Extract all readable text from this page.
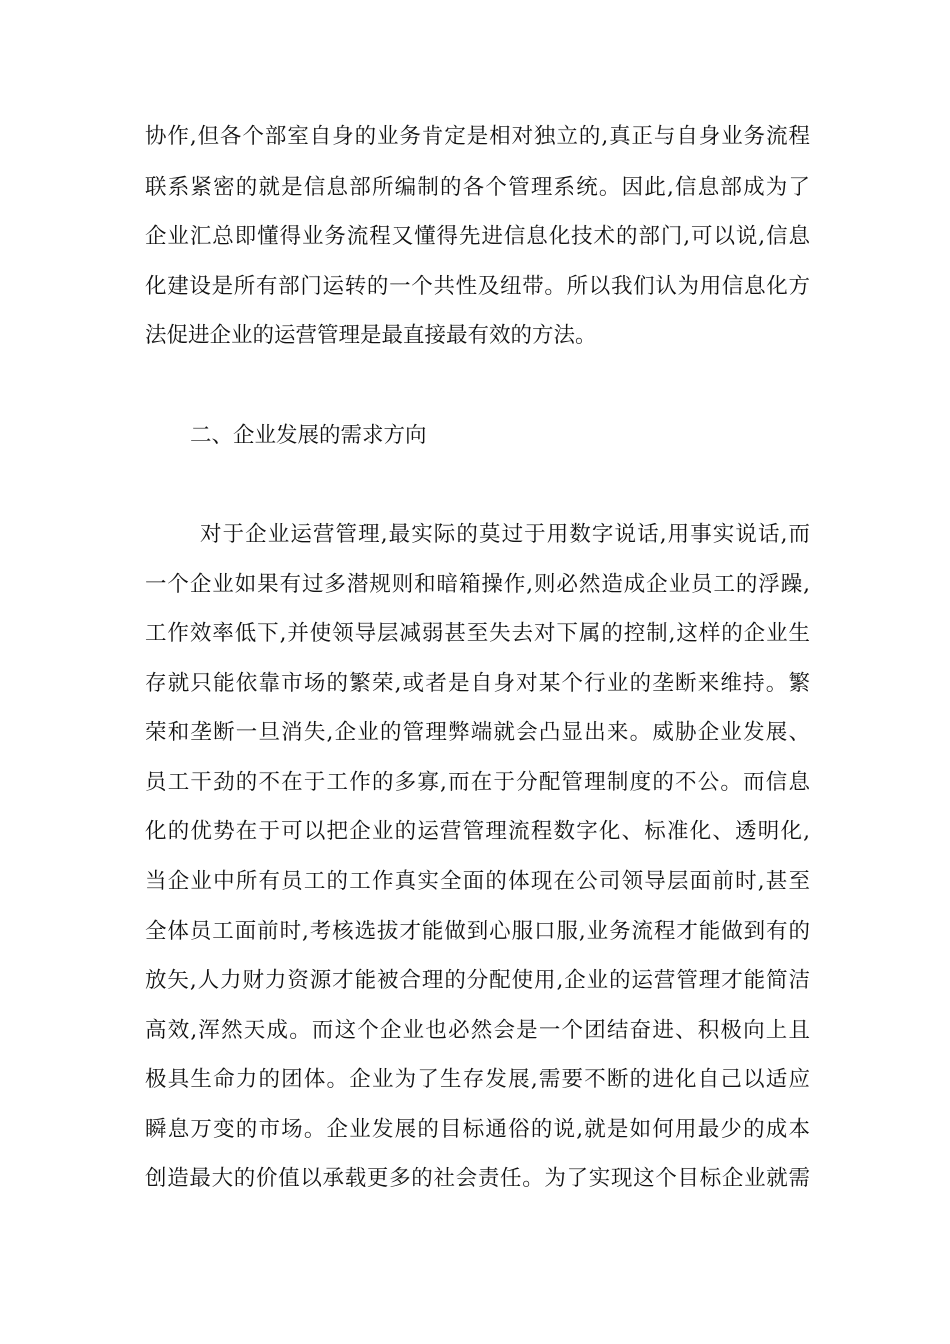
协作,但各个部室自身的业务肯定是相对独立的,真正与自身业务流程
联系紧密的就是信息部所编制的各个管理系统。因此,信息部成为了
企业汇总即懂得业务流程又懂得先进信息化技术的部门,可以说,信息
化建设是所有部门运转的一个共性及纽带。所以我们认为用信息化方
法促进企业的运营管理是最直接最有效的方法。
二、企业发展的需求方向
对于企业运营管理,最实际的莫过于用数字说话,用事实说话,而
一个企业如果有过多潜规则和暗箱操作,则必然造成企业员工的浮躁,
工作效率低下,并使领导层减弱甚至失去对下属的控制,这样的企业生
存就只能依靠市场的繁荣,或者是自身对某个行业的垄断来维持。繁
荣和垄断一旦消失,企业的管理弊端就会凸显出来。威胁企业发展、
员工干劲的不在于工作的多寡,而在于分配管理制度的不公。而信息
化的优势在于可以把企业的运营管理流程数字化、标准化、透明化,
当企业中所有员工的工作真实全面的体现在公司领导层面前时,甚至
全体员工面前时,考核选拔才能做到心服口服,业务流程才能做到有的
放矢,人力财力资源才能被合理的分配使用,企业的运营管理才能简洁
高效,浑然天成。而这个企业也必然会是一个团结奋进、积极向上且
极具生命力的团体。企业为了生存发展,需要不断的进化自己以适应
瞬息万变的市场。企业发展的目标通俗的说,就是如何用最少的成本
创造最大的价值以承载更多的社会责任。为了实现这个目标企业就需
